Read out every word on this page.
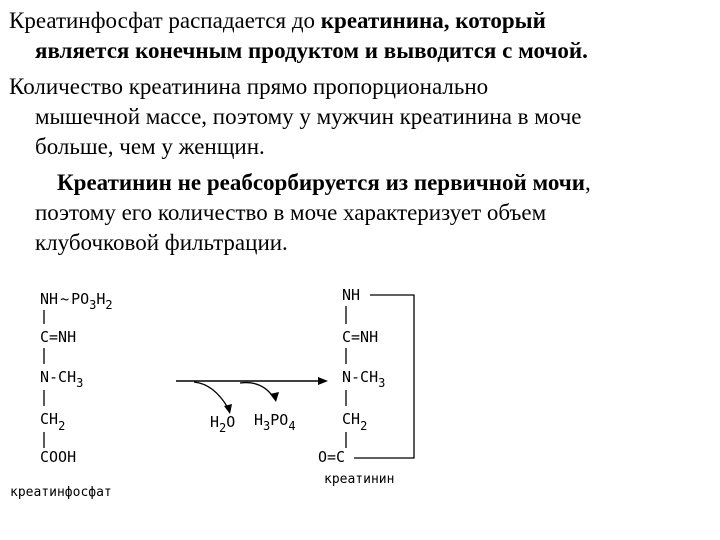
Креатинфосфат распадается до креатинина, который
является конечным продуктом и выводится с мочой.
Количество креатинина прямо пропорционально
мышечной массе, поэтому у мужчин креатинина в моче
больше, чем у женщин.
Креатинин не реабсорбируется из первичной мочи,
поэтому его количество в моче характеризует объем
клубочковой фильтрации.
NH ~ $PO_3H_2$
C=NH
$N-CH_3$
$CH_2$
COOH
креатинфосфат
$H_2O$ $H_3PO_4$
NH
C=NH
$N-CH_3$
$CH_2$
O=C
креатинин
